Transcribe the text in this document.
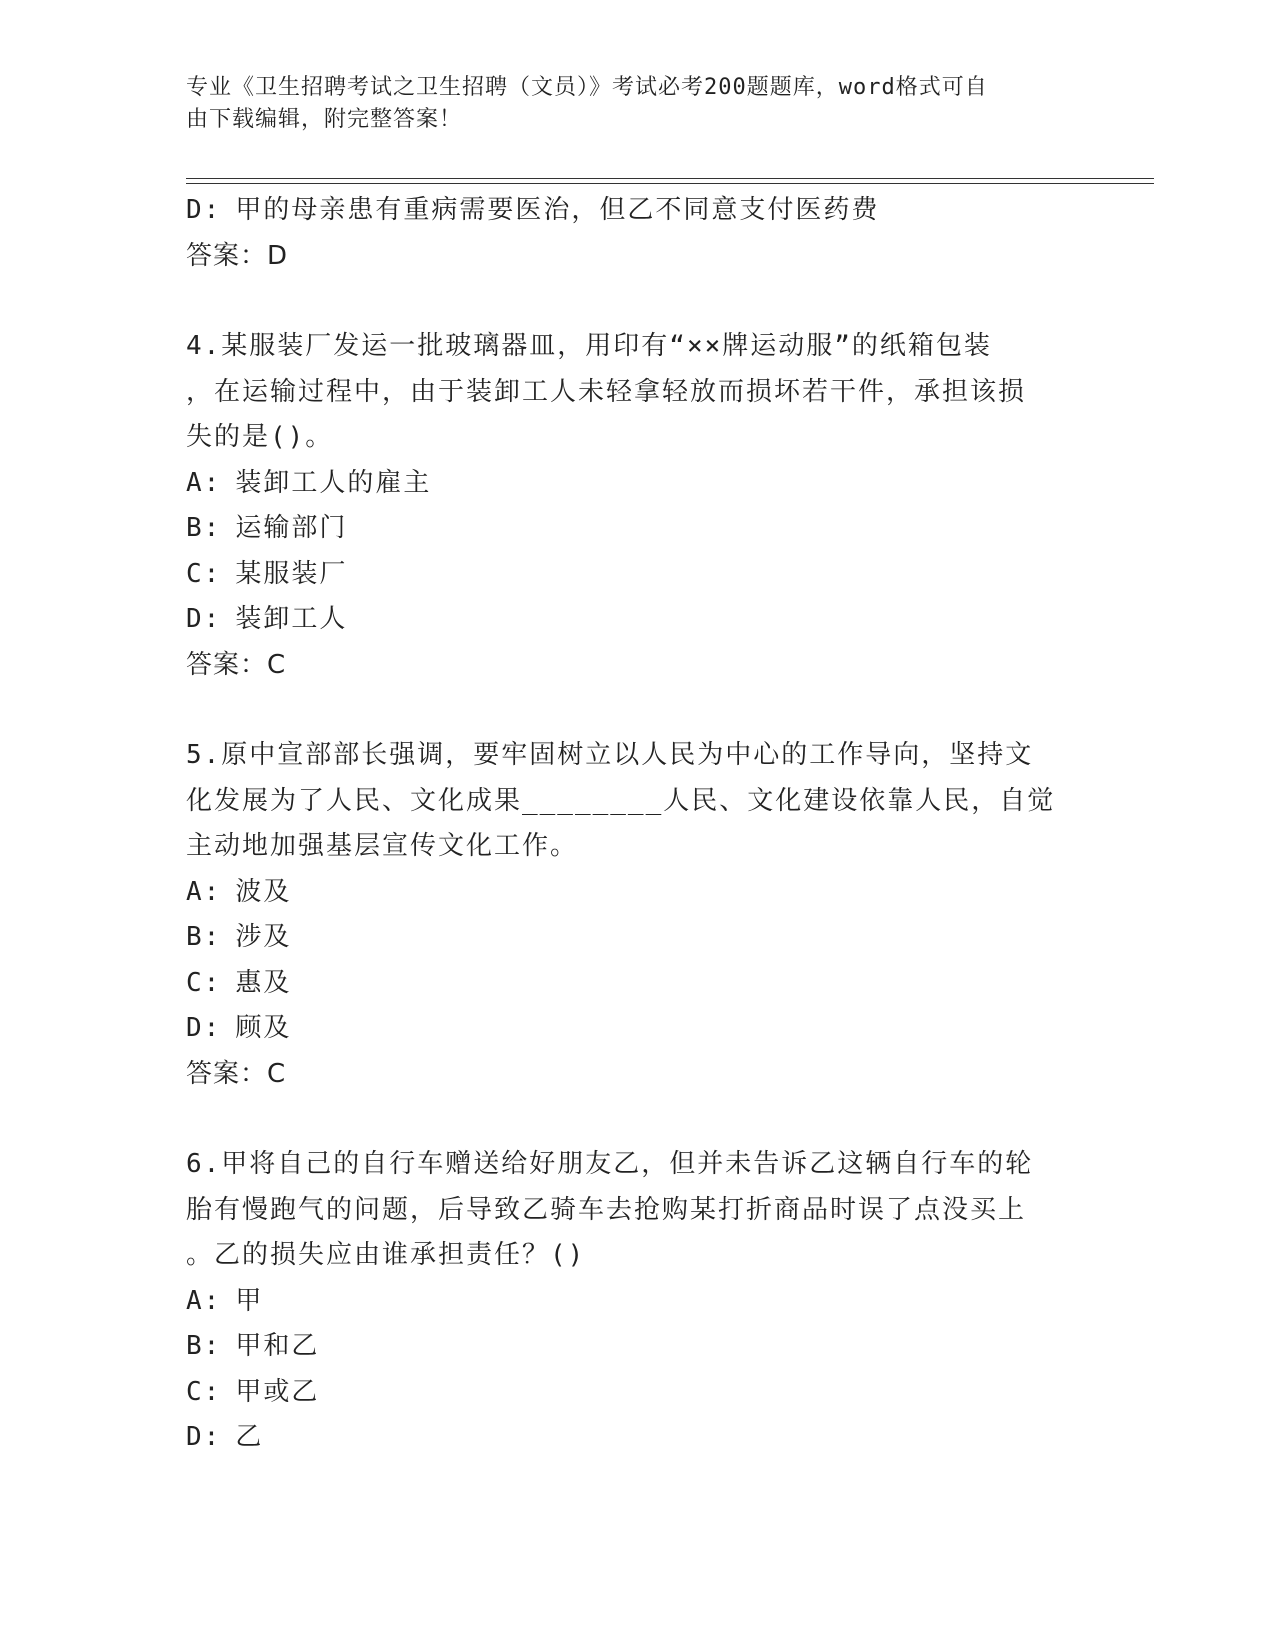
专业《卫生招聘考试之卫生招聘（文员）》考试必考200题题库，word格式可自
由下载编辑，附完整答案！
D: 甲的母亲患有重病需要医治，但乙不同意支付医药费
答案：D
4.某服装厂发运一批玻璃器皿，用印有“××牌运动服”的纸箱包装
，在运输过程中，由于装卸工人未轻拿轻放而损坏若干件，承担该损
失的是()。
A: 装卸工人的雇主
B: 运输部门
C: 某服装厂
D: 装卸工人
答案：C
5.原中宣部部长强调，要牢固树立以人民为中心的工作导向，坚持文
化发展为了人民、文化成果________人民、文化建设依靠人民，自觉
主动地加强基层宣传文化工作。
A: 波及
B: 涉及
C: 惠及
D: 顾及
答案：C
6.甲将自己的自行车赠送给好朋友乙，但并未告诉乙这辆自行车的轮
胎有慢跑气的问题，后导致乙骑车去抢购某打折商品时误了点没买上
。乙的损失应由谁承担责任？()
A: 甲
B: 甲和乙
C: 甲或乙
D: 乙
